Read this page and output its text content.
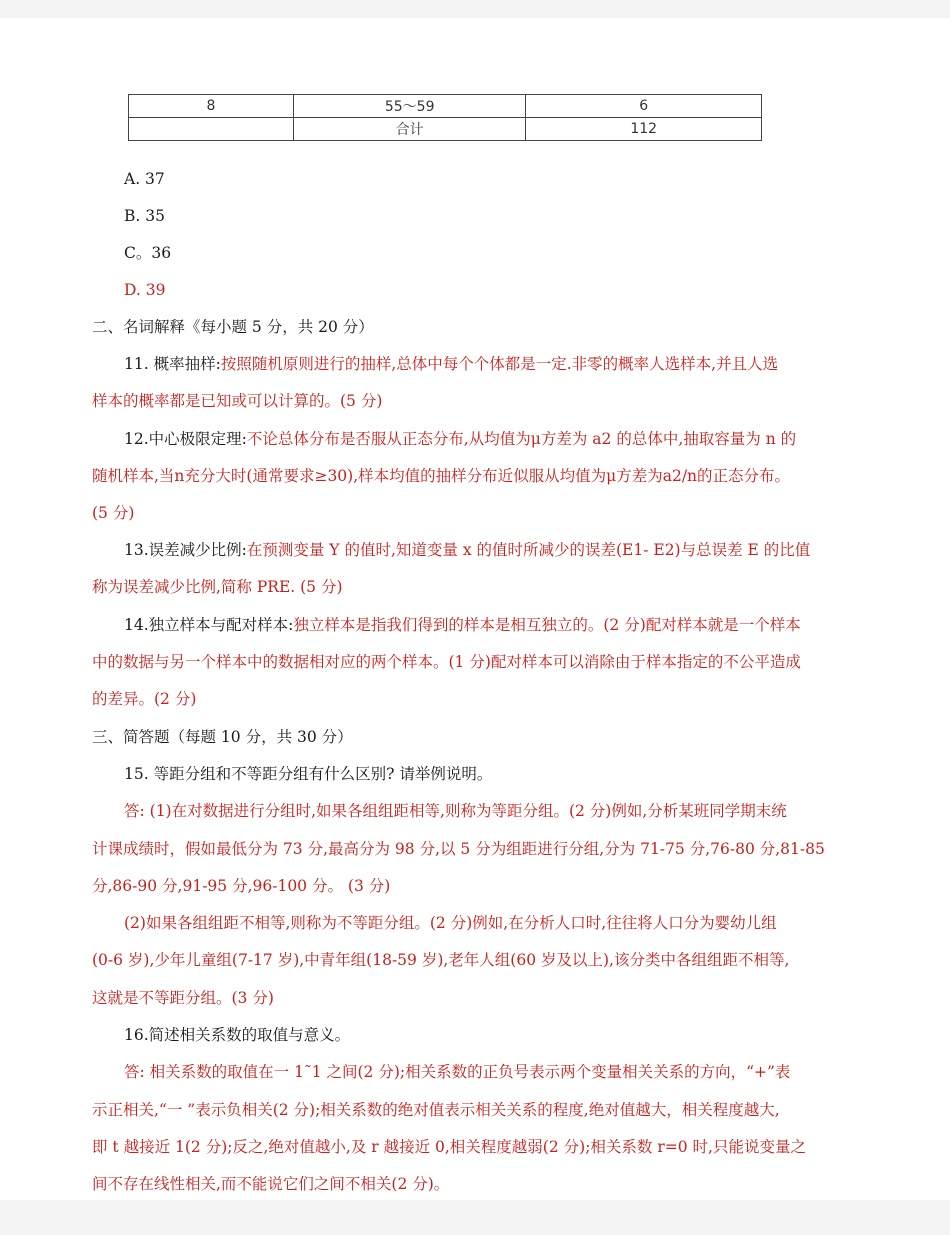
8	55～59	6
	合计	112
A. 37
B. 35
C。36
D. 39
二、名词解释《每小题 5 分，共 20 分）
11. 概率抽样:按照随机原则进行的抽样,总体中每个个体都是一定.非零的概率人选样本,并且人选
样本的概率都是已知或可以计算的。(5 分)
12.中心极限定理:不论总体分布是否服从正态分布,从均值为μ方差为 a2 的总体中,抽取容量为 n 的
随机样本,当n充分大时(通常要求≥30),样本均值的抽样分布近似服从均值为μ方差为a2/n的正态分布。
(5 分)
13.误差减少比例:在预测变量 Y 的值时,知道变量 x 的值时所减少的误差(E1- E2)与总误差 E 的比值
称为误差减少比例,简称 PRE. (5 分)
14.独立样本与配对样本:独立样本是指我们得到的样本是相互独立的。(2 分)配对样本就是一个样本
中的数据与另一个样本中的数据相对应的两个样本。(1 分)配对样本可以消除由于样本指定的不公平造成
的差异。(2 分)
三、简答题（每题 10 分，共 30 分）
15. 等距分组和不等距分组有什么区别? 请举例说明。
答: (1)在对数据进行分组时,如果各组组距相等,则称为等距分组。(2 分)例如,分析某班同学期末统
计课成绩时，假如最低分为 73 分,最高分为 98 分,以 5 分为组距进行分组,分为 71-75 分,76-80 分,81-85
分,86-90 分,91-95 分,96-100 分。 (3 分)
(2)如果各组组距不相等,则称为不等距分组。(2 分)例如,在分析人口时,往往将人口分为婴幼儿组
(0-6 岁),少年儿童组(7-17 岁),中青年组(18-59 岁),老年人组(60 岁及以上),该分类中各组组距不相等,
这就是不等距分组。(3 分)
16.简述相关系数的取值与意义。
答: 相关系数的取值在一 1˜1 之间(2 分);相关系数的正负号表示两个变量相关关系的方向，“+”表
示正相关,“一 ”表示负相关(2 分);相关系数的绝对值表示相关关系的程度,绝对值越大，相关程度越大,
即 t 越接近 1(2 分);反之,绝对值越小,及 r 越接近 0,相关程度越弱(2 分);相关系数 r=0 时,只能说变量之
间不存在线性相关,而不能说它们之间不相关(2 分)。
